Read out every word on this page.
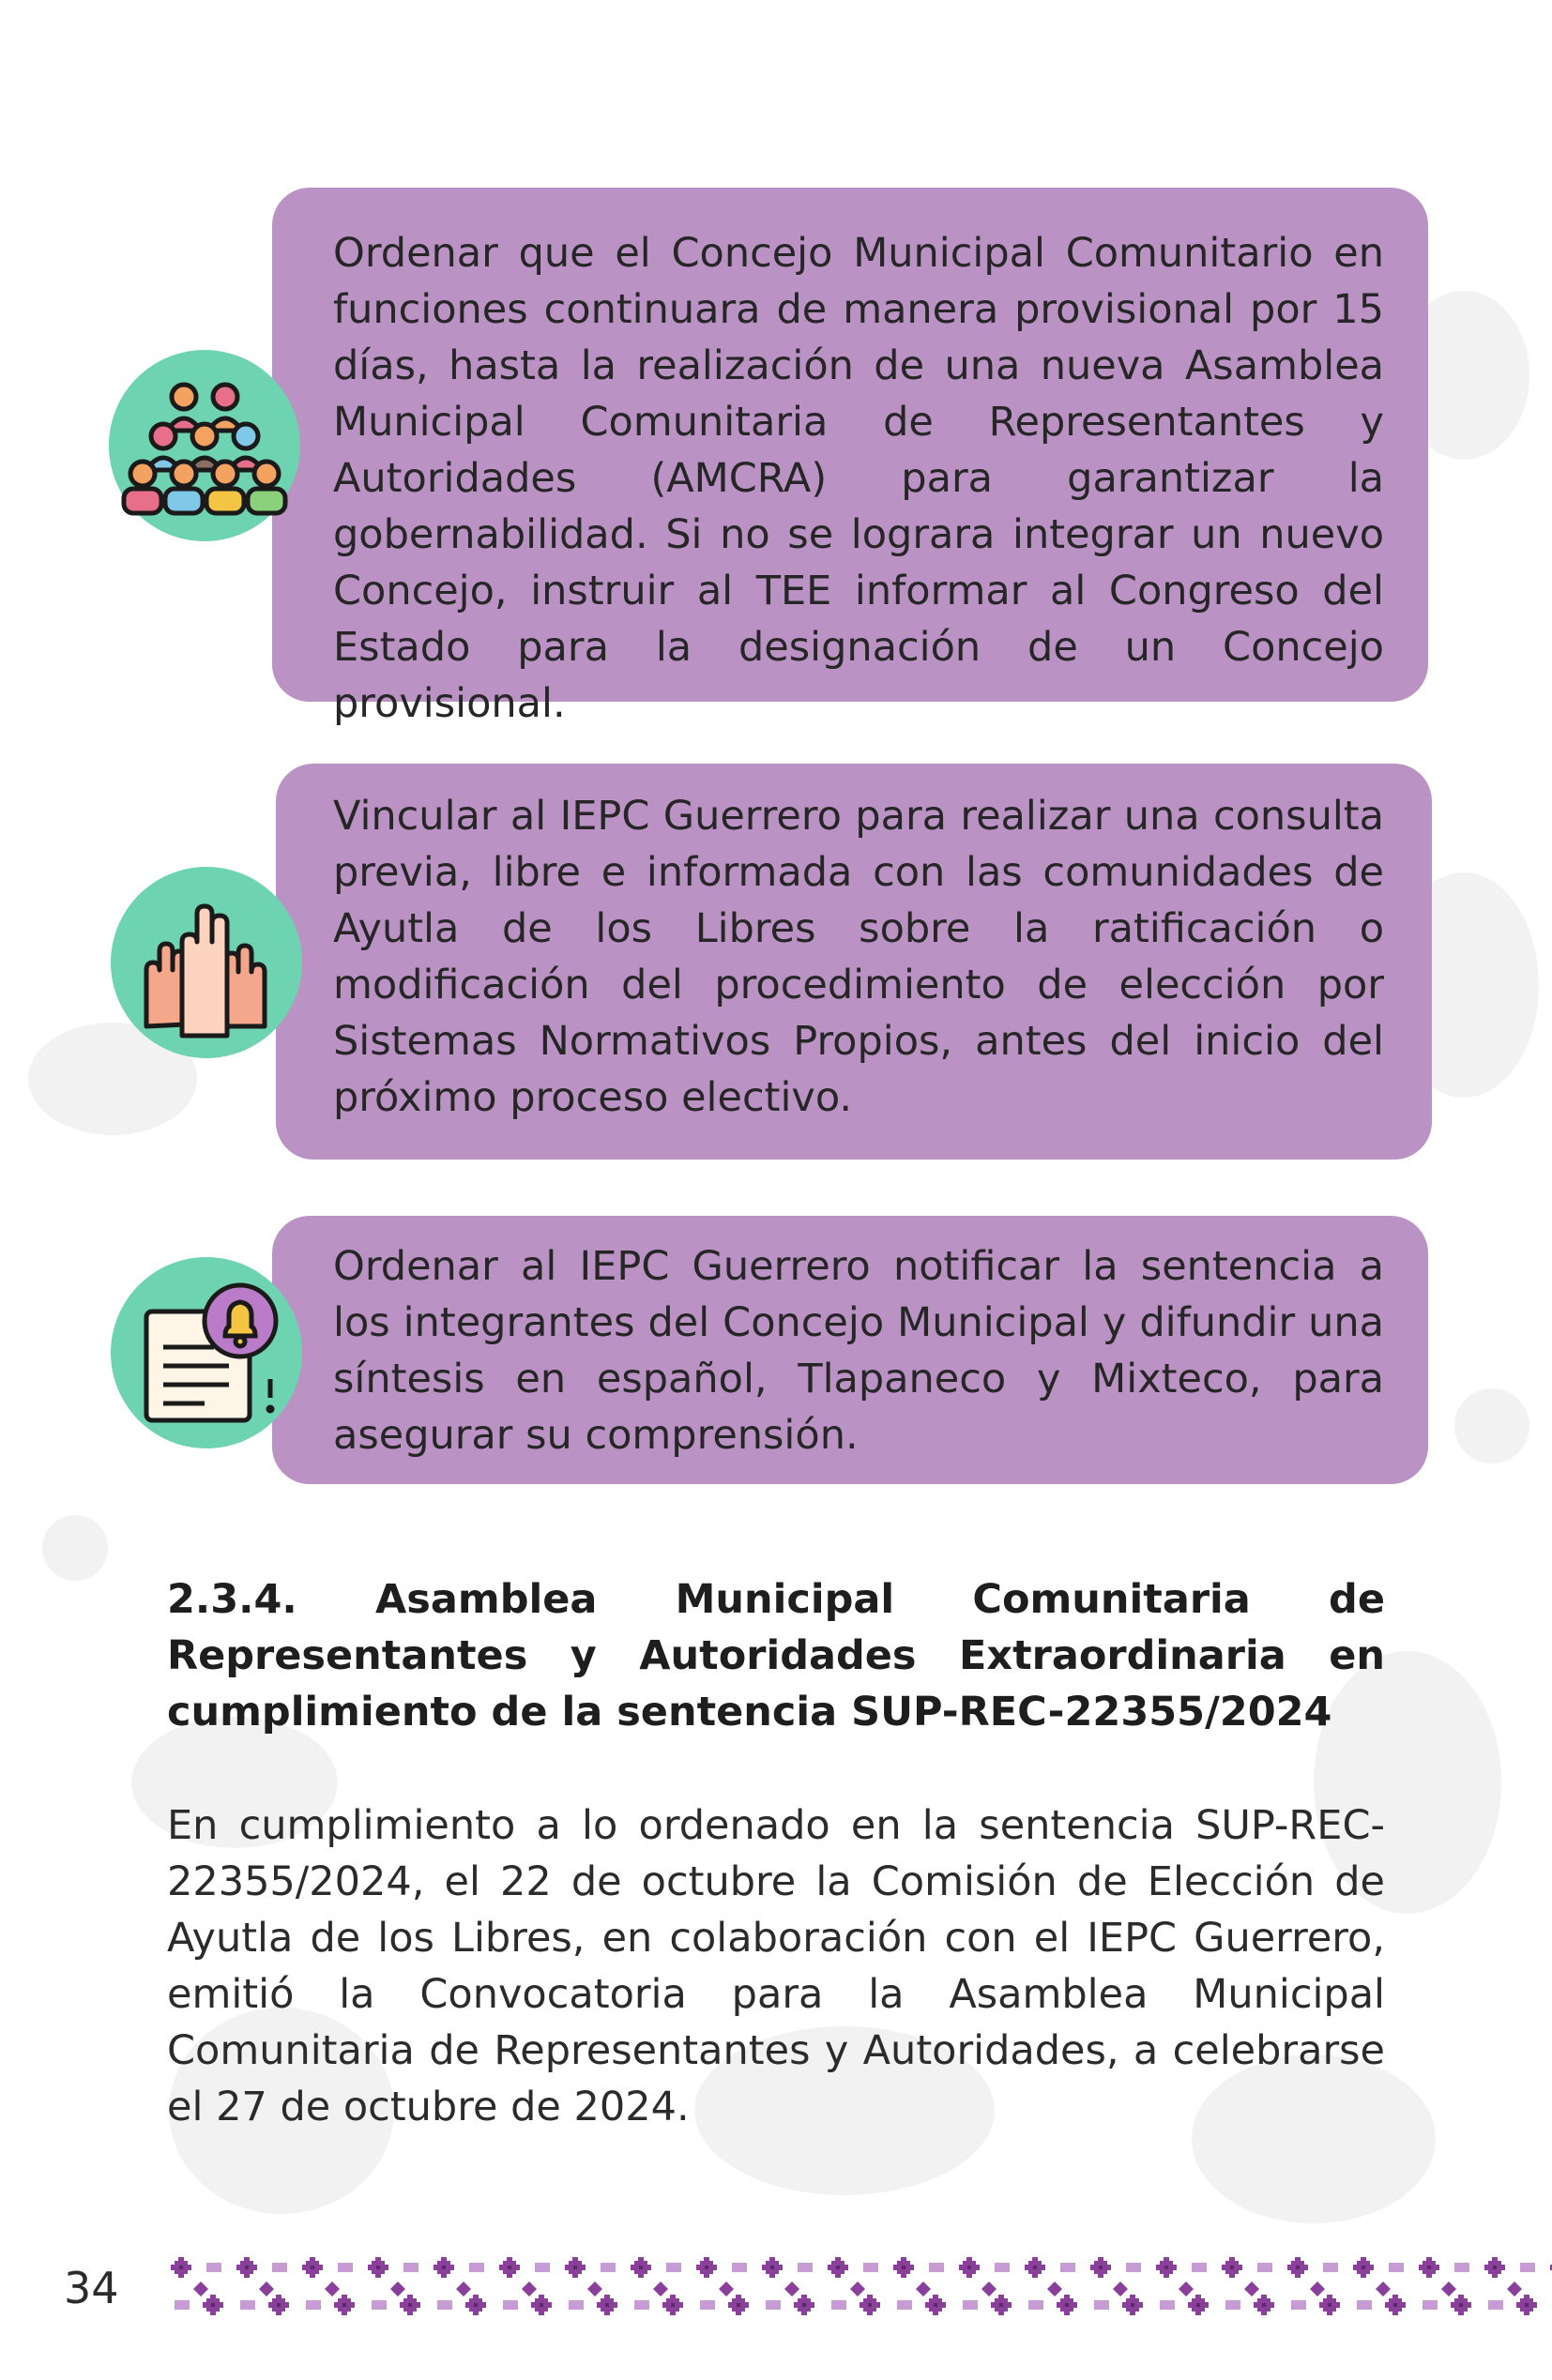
Ordenar que el Concejo Municipal Comunitario en funciones continuara de manera provisional por 15 días, hasta la realización de una nueva Asamblea Municipal Comunitaria de Representantes y Autoridades (AMCRA) para garantizar la gobernabilidad. Si no se lograra integrar un nuevo Concejo, instruir al TEE informar al Congreso del Estado para la designación de un Concejo provisional.

Vincular al IEPC Guerrero para realizar una consulta previa, libre e informada con las comunidades de Ayutla de los Libres sobre la ratificación o modificación del procedimiento de elección por Sistemas Normativos Propios, antes del inicio del próximo proceso electivo.

Ordenar al IEPC Guerrero notificar la sentencia a los integrantes del Concejo Municipal y difundir una síntesis en español, Tlapaneco y Mixteco, para asegurar su comprensión.

2.3.4. Asamblea Municipal Comunitaria de Representantes y Autoridades Extraordinaria en cumplimiento de la sentencia SUP-REC-22355/2024

En cumplimiento a lo ordenado en la sentencia SUP-REC-22355/2024, el 22 de octubre la Comisión de Elección de Ayutla de los Libres, en colaboración con el IEPC Guerrero, emitió la Convocatoria para la Asamblea Municipal Comunitaria de Representantes y Autoridades, a celebrarse el 27 de octubre de 2024.

34
